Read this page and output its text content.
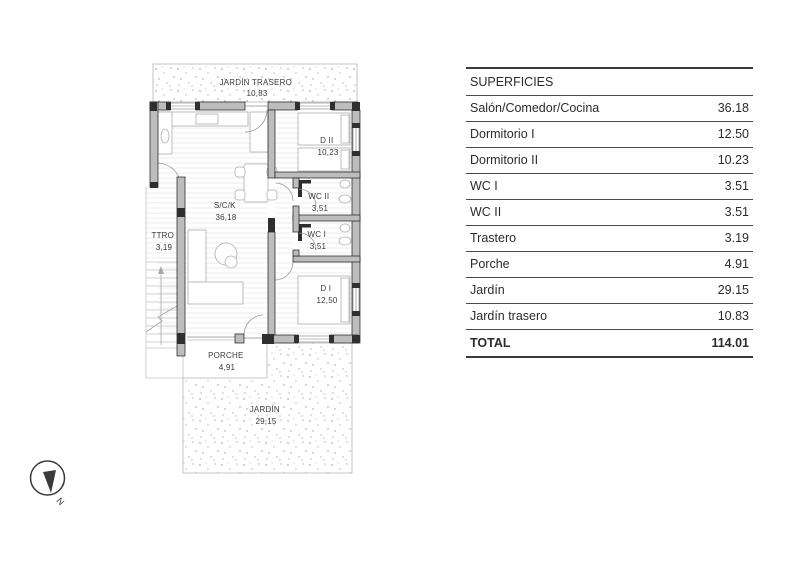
JARDÍN TRASERO 10,83
D II 10,23
S/C/K 36,18
WC II 3,51
WC I 3,51
TTRO 3,19
D I 12,50
PORCHE 4,91
JARDÍN 29,15
N
SUPERFICIES
Salón/Comedor/Cocina	36.18
Dormitorio I	12.50
Dormitorio II	10.23
WC I	3.51
WC II	3.51
Trastero	3.19
Porche	4.91
Jardín	29.15
Jardín trasero	10.83
TOTAL	114.01
